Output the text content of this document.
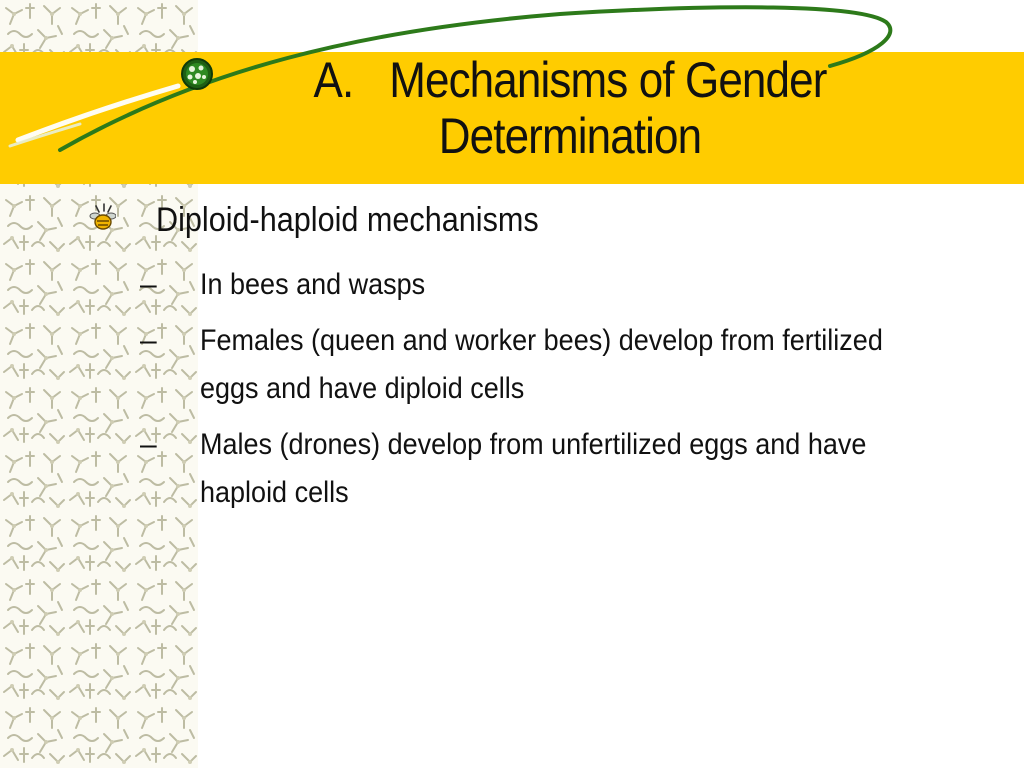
A. Mechanisms of Gender
Determination
Diploid-haploid mechanisms
– In bees and wasps
– Females (queen and worker bees) develop from fertilized eggs and have diploid cells
– Males (drones) develop from unfertilized eggs and have haploid cells
